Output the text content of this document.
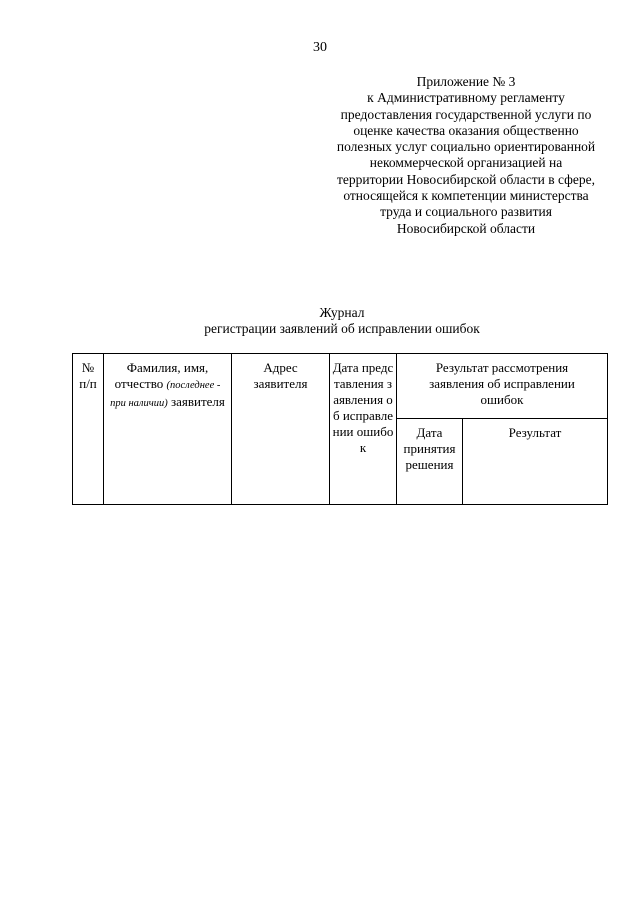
30
Приложение № 3
к Административному регламенту
предоставления государственной услуги по
оценке качества оказания общественно
полезных услуг социально ориентированной
некоммерческой организацией на
территории Новосибирской области в сфере,
относящейся к компетенции министерства
труда и социального развития
Новосибирской области
Журнал
регистрации заявлений об исправлении ошибок
№ п/п	Фамилия, имя, отчество (последнее - при наличии) заявителя	Адрес заявителя	Дата представления заявления об исправлении ошибок	Результат рассмотрения заявления об исправлении ошибок	
				Дата принятия решения	Результат
